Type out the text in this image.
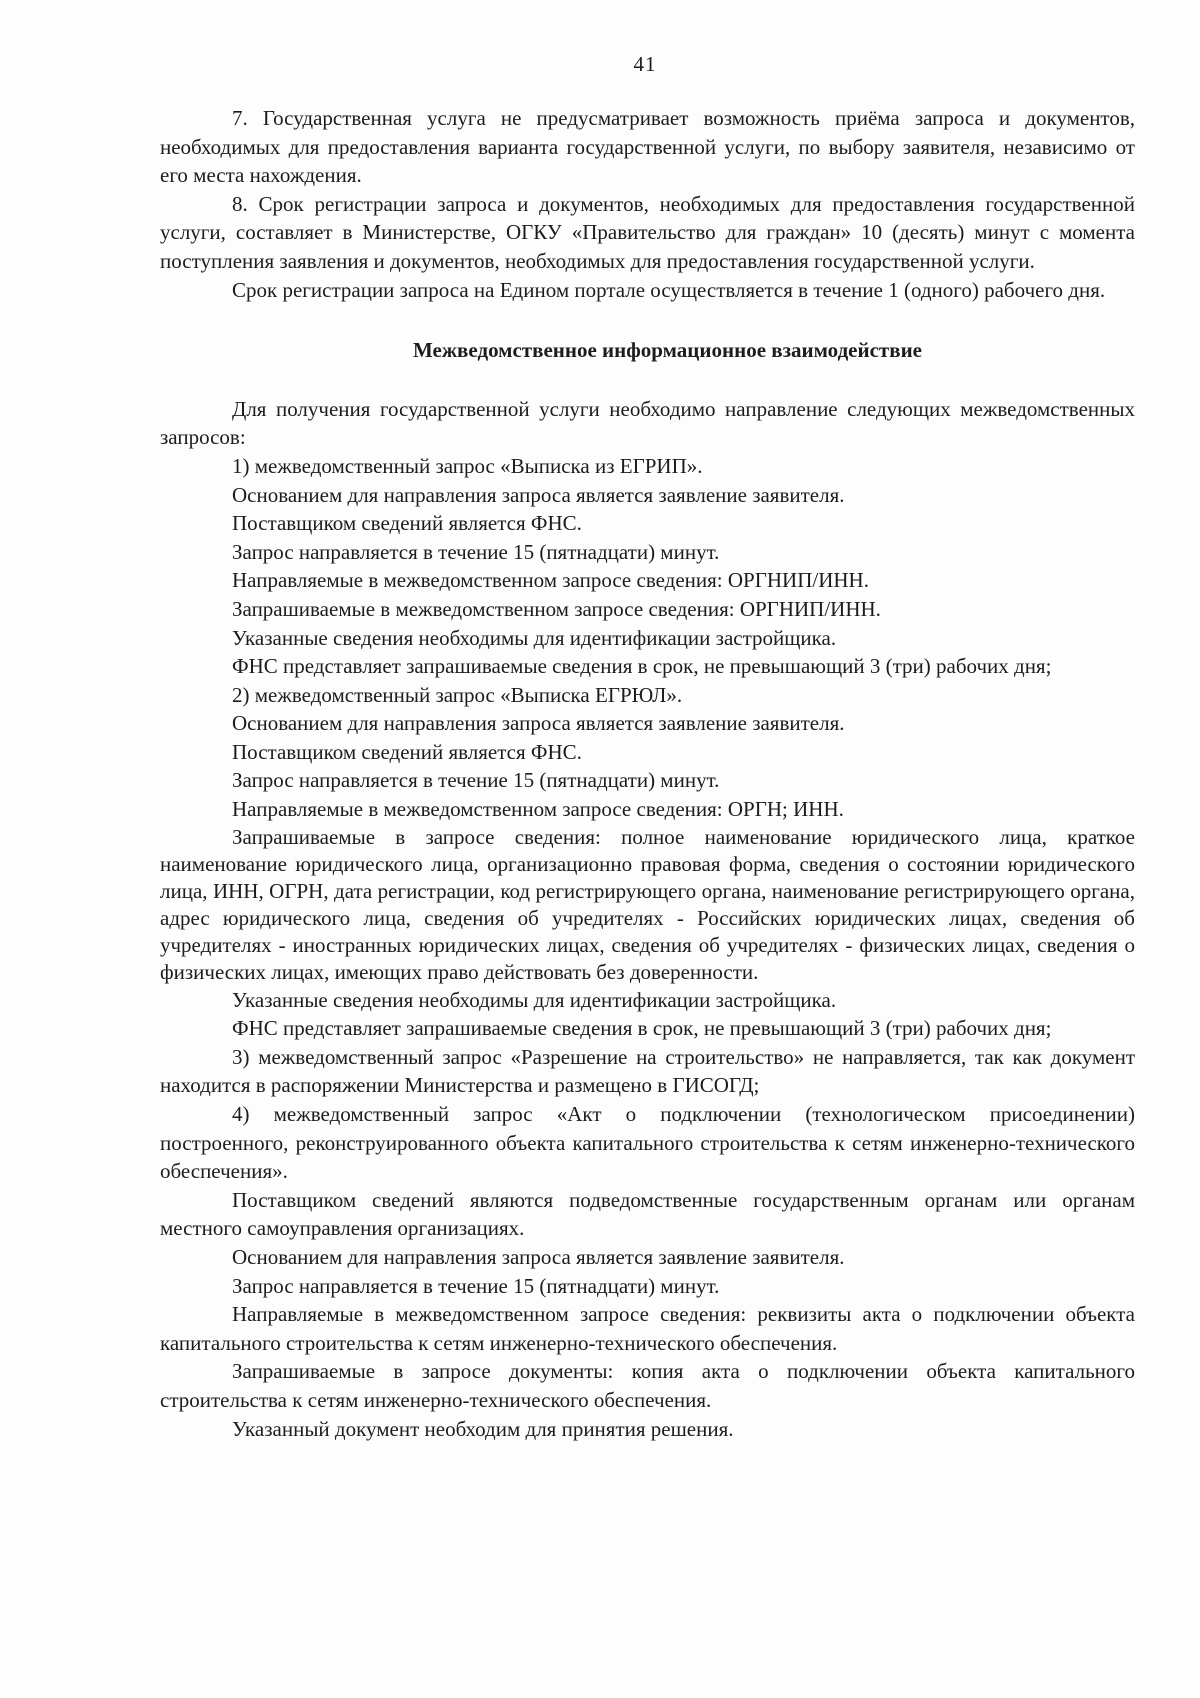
41

7. Государственная услуга не предусматривает возможность приёма запроса и документов, необходимых для предоставления варианта государственной услуги, по выбору заявителя, независимо от его места нахождения.

8. Срок регистрации запроса и документов, необходимых для предоставления государственной услуги, составляет в Министерстве, ОГКУ «Правительство для граждан» 10 (десять) минут с момента поступления заявления и документов, необходимых для предоставления государственной услуги.

Срок регистрации запроса на Едином портале осуществляется в течение 1 (одного) рабочего дня.

Межведомственное информационное взаимодействие

Для получения государственной услуги необходимо направление следующих межведомственных запросов:

1) межведомственный запрос «Выписка из ЕГРИП».

Основанием для направления запроса является заявление заявителя.

Поставщиком сведений является ФНС.

Запрос направляется в течение 15 (пятнадцати) минут.

Направляемые в межведомственном запросе сведения: ОРГНИП/ИНН.

Запрашиваемые в межведомственном запросе сведения: ОРГНИП/ИНН.

Указанные сведения необходимы для идентификации застройщика.

ФНС представляет запрашиваемые сведения в срок, не превышающий 3 (три) рабочих дня;

2) межведомственный запрос «Выписка ЕГРЮЛ».

Основанием для направления запроса является заявление заявителя.

Поставщиком сведений является ФНС.

Запрос направляется в течение 15 (пятнадцати) минут.

Направляемые в межведомственном запросе сведения: ОРГН; ИНН.

Запрашиваемые в запросе сведения: полное наименование юридического лица, краткое наименование юридического лица, организационно правовая форма, сведения о состоянии юридического лица, ИНН, ОГРН, дата регистрации, код регистрирующего органа, наименование регистрирующего органа, адрес юридического лица, сведения об учредителях - Российских юридических лицах, сведения об учредителях - иностранных юридических лицах, сведения об учредителях - физических лицах, сведения о физических лицах, имеющих право действовать без доверенности.

Указанные сведения необходимы для идентификации застройщика.

ФНС представляет запрашиваемые сведения в срок, не превышающий 3 (три) рабочих дня;

3) межведомственный запрос «Разрешение на строительство» не направляется, так как документ находится в распоряжении Министерства и размещено в ГИСОГД;

4) межведомственный запрос «Акт о подключении (технологическом присоединении) построенного, реконструированного объекта капитального строительства к сетям инженерно-технического обеспечения».

Поставщиком сведений являются подведомственные государственным органам или органам местного самоуправления организациях.

Основанием для направления запроса является заявление заявителя.

Запрос направляется в течение 15 (пятнадцати) минут.

Направляемые в межведомственном запросе сведения: реквизиты акта о подключении объекта капитального строительства к сетям инженерно-технического обеспечения.

Запрашиваемые в запросе документы: копия акта о подключении объекта капитального строительства к сетям инженерно-технического обеспечения.

Указанный документ необходим для принятия решения.
